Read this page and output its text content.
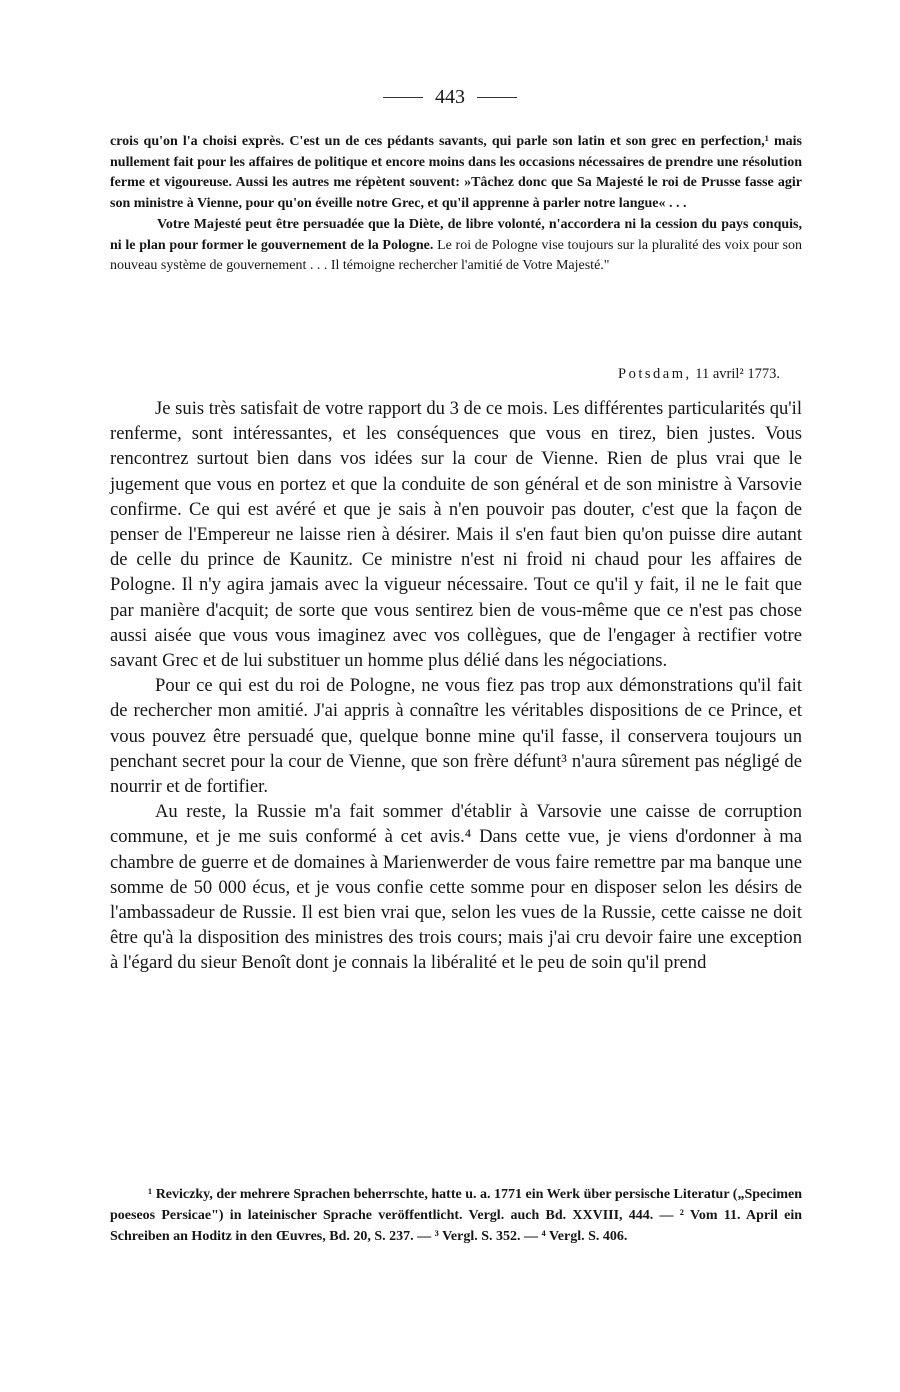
443

crois qu'on l'a choisi exprès. C'est un de ces pédants savants, qui parle son latin et son grec en perfection,¹ mais nullement fait pour les affaires de politique et encore moins dans les occasions nécessaires de prendre une résolution ferme et vigoureuse. Aussi les autres me répètent souvent: »Tâchez donc que Sa Majesté le roi de Prusse fasse agir son ministre à Vienne, pour qu'on éveille notre Grec, et qu'il apprenne à parler notre langue« . . .

Votre Majesté peut être persuadée que la Diète, de libre volonté, n'accordera ni la cession du pays conquis, ni le plan pour former le gouvernement de la Pologne. Le roi de Pologne vise toujours sur la pluralité des voix pour son nouveau système de gouvernement . . . Il témoigne rechercher l'amitié de Votre Majesté."

Potsdam, 11 avril² 1773.

Je suis très satisfait de votre rapport du 3 de ce mois. Les différentes particularités qu'il renferme, sont intéressantes, et les conséquences que vous en tirez, bien justes. Vous rencontrez surtout bien dans vos idées sur la cour de Vienne. Rien de plus vrai que le jugement que vous en portez et que la conduite de son général et de son ministre à Varsovie confirme. Ce qui est avéré et que je sais à n'en pouvoir pas douter, c'est que la façon de penser de l'Empereur ne laisse rien à désirer. Mais il s'en faut bien qu'on puisse dire autant de celle du prince de Kaunitz. Ce ministre n'est ni froid ni chaud pour les affaires de Pologne. Il n'y agira jamais avec la vigueur nécessaire. Tout ce qu'il y fait, il ne le fait que par manière d'acquit; de sorte que vous sentirez bien de vous-même que ce n'est pas chose aussi aisée que vous vous imaginez avec vos collègues, que de l'engager à rectifier votre savant Grec et de lui substituer un homme plus délié dans les négociations.

Pour ce qui est du roi de Pologne, ne vous fiez pas trop aux démonstrations qu'il fait de rechercher mon amitié. J'ai appris à connaître les véritables dispositions de ce Prince, et vous pouvez être persuadé que, quelque bonne mine qu'il fasse, il conservera toujours un penchant secret pour la cour de Vienne, que son frère défunt³ n'aura sûrement pas négligé de nourrir et de fortifier.

Au reste, la Russie m'a fait sommer d'établir à Varsovie une caisse de corruption commune, et je me suis conformé à cet avis.⁴ Dans cette vue, je viens d'ordonner à ma chambre de guerre et de domaines à Marienwerder de vous faire remettre par ma banque une somme de 50 000 écus, et je vous confie cette somme pour en disposer selon les désirs de l'ambassadeur de Russie. Il est bien vrai que, selon les vues de la Russie, cette caisse ne doit être qu'à la disposition des ministres des trois cours; mais j'ai cru devoir faire une exception à l'égard du sieur Benoît dont je connais la libéralité et le peu de soin qu'il prend

¹ Reviczky, der mehrere Sprachen beherrschte, hatte u. a. 1771 ein Werk über persische Literatur („Specimen poeseos Persicae") in lateinischer Sprache veröffentlicht. Vergl. auch Bd. XXVIII, 444. — ² Vom 11. April ein Schreiben an Hoditz in den Œuvres, Bd. 20, S. 237. — ³ Vergl. S. 352. — ⁴ Vergl. S. 406.
